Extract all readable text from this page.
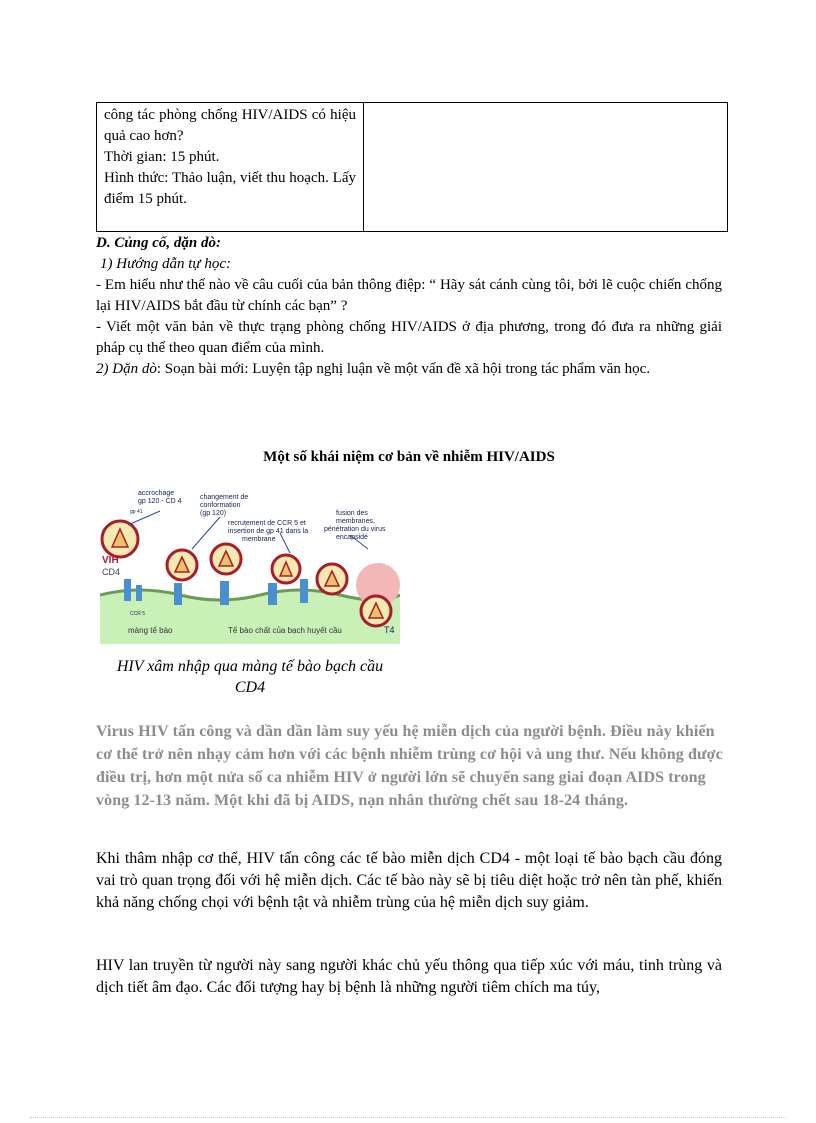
công tác phòng chống HIV/AIDS có hiệu quả cao hơn?

Thời gian: 15 phút.

Hình thức: Thảo luận, viết thu hoạch. Lấy điểm 15 phút.

D. Củng cố, dặn dò:

1) Hướng dẫn tự học:

- Em hiểu như thế nào về câu cuối của bản thông điệp: “ Hãy sát cánh cùng tôi, bởi lẽ cuộc chiến chống lại HIV/AIDS bắt đầu từ chính các bạn” ?

- Viết một văn bản về thực trạng phòng chống HIV/AIDS ở địa phương, trong đó đưa ra những giải pháp cụ thể theo quan điểm của mình.

2) Dặn dò: Soạn bài mới: Luyện tập nghị luận về một vấn đề xã hội trong tác phẩm văn học.

Một số khái niệm cơ bản về nhiễm HIV/AIDS
accrochage
gp 120 - CD 4
changement de
conformation
(gp 120)
recrutement de CCR 5 et
insertion de gp 41 dans la
membrane
fusion des
membranes,
pénétration du virus
encapsidé
gp 41
CD4
CCR 5
VIH
màng tế bào	Tế bào chất của bạch huyết cầu	T4
HIV xâm nhập qua màng tế bào bạch cầu CD4
Virus HIV tấn công và dần dần làm suy yếu hệ miễn dịch của người bệnh. Điều này khiến cơ thể trở nên nhạy cảm hơn với các bệnh nhiễm trùng cơ hội và ung thư. Nếu không được điều trị, hơn một nửa số ca nhiễm HIV ở người lớn sẽ chuyển sang giai đoạn AIDS trong vòng 12-13 năm. Một khi đã bị AIDS, nạn nhân thường chết sau 18-24 tháng.
Khi thâm nhập cơ thể, HIV tấn công các tế bào miễn dịch CD4 - một loại tế bào bạch cầu đóng vai trò quan trọng đối với hệ miễn dịch. Các tế bào này sẽ bị tiêu diệt hoặc trở nên tàn phế, khiến khả năng chống chọi với bệnh tật và nhiễm trùng của hệ miễn dịch suy giảm.
HIV lan truyền từ người này sang người khác chủ yếu thông qua tiếp xúc với máu, tinh trùng và dịch tiết âm đạo. Các đối tượng hay bị bệnh là những người tiêm chích ma túy,
